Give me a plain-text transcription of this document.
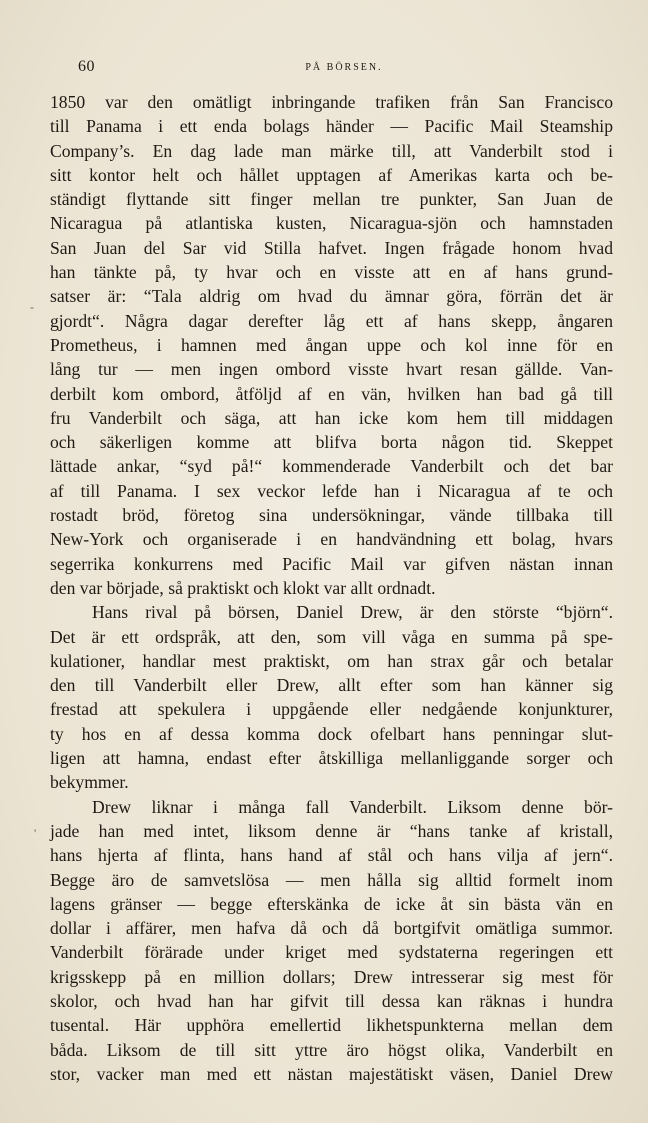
60	PÅ BÖRSEN.
1850 var den omätligt inbringande trafiken från San Francisco
till Panama i ett enda bolags händer — Pacific Mail Steamship
Company’s. En dag lade man märke till, att Vanderbilt stod i
sitt kontor helt och hållet upptagen af Amerikas karta och be-
ständigt flyttande sitt finger mellan tre punkter, San Juan de
Nicaragua på atlantiska kusten, Nicaragua-sjön och hamnstaden
San Juan del Sar vid Stilla hafvet. Ingen frågade honom hvad
han tänkte på, ty hvar och en visste att en af hans grund-
satser är: “Tala aldrig om hvad du ämnar göra, förrän det är
gjordt“. Några dagar derefter låg ett af hans skepp, ångaren
Prometheus, i hamnen med ångan uppe och kol inne för en
lång tur — men ingen ombord visste hvart resan gällde. Van-
derbilt kom ombord, åtföljd af en vän, hvilken han bad gå till
fru Vanderbilt och säga, att han icke kom hem till middagen
och säkerligen komme att blifva borta någon tid. Skeppet
lättade ankar, “syd på!“ kommenderade Vanderbilt och det bar
af till Panama. I sex veckor lefde han i Nicaragua af te och
rostadt bröd, företog sina undersökningar, vände tillbaka till
New-York och organiserade i en handvändning ett bolag, hvars
segerrika konkurrens med Pacific Mail var gifven nästan innan
den var började, så praktiskt och klokt var allt ordnadt.
Hans rival på börsen, Daniel Drew, är den störste “björn“.
Det är ett ordspråk, att den, som vill våga en summa på spe-
kulationer, handlar mest praktiskt, om han strax går och betalar
den till Vanderbilt eller Drew, allt efter som han känner sig
frestad att spekulera i uppgående eller nedgående konjunkturer,
ty hos en af dessa komma dock ofelbart hans penningar slut-
ligen att hamna, endast efter åtskilliga mellanliggande sorger och
bekymmer.
Drew liknar i många fall Vanderbilt. Liksom denne bör-
jade han med intet, liksom denne är “hans tanke af kristall,
hans hjerta af flinta, hans hand af stål och hans vilja af jern“.
Begge äro de samvetslösa — men hålla sig alltid formelt inom
lagens gränser — begge efterskänka de icke åt sin bästa vän en
dollar i affärer, men hafva då och då bortgifvit omätliga summor.
Vanderbilt förärade under kriget med sydstaterna regeringen ett
krigsskepp på en million dollars; Drew intresserar sig mest för
skolor, och hvad han har gifvit till dessa kan räknas i hundra
tusental. Här upphöra emellertid likhetspunkterna mellan dem
båda. Liksom de till sitt yttre äro högst olika, Vanderbilt en
stor, vacker man med ett nästan majestätiskt väsen, Daniel Drew
'
-
